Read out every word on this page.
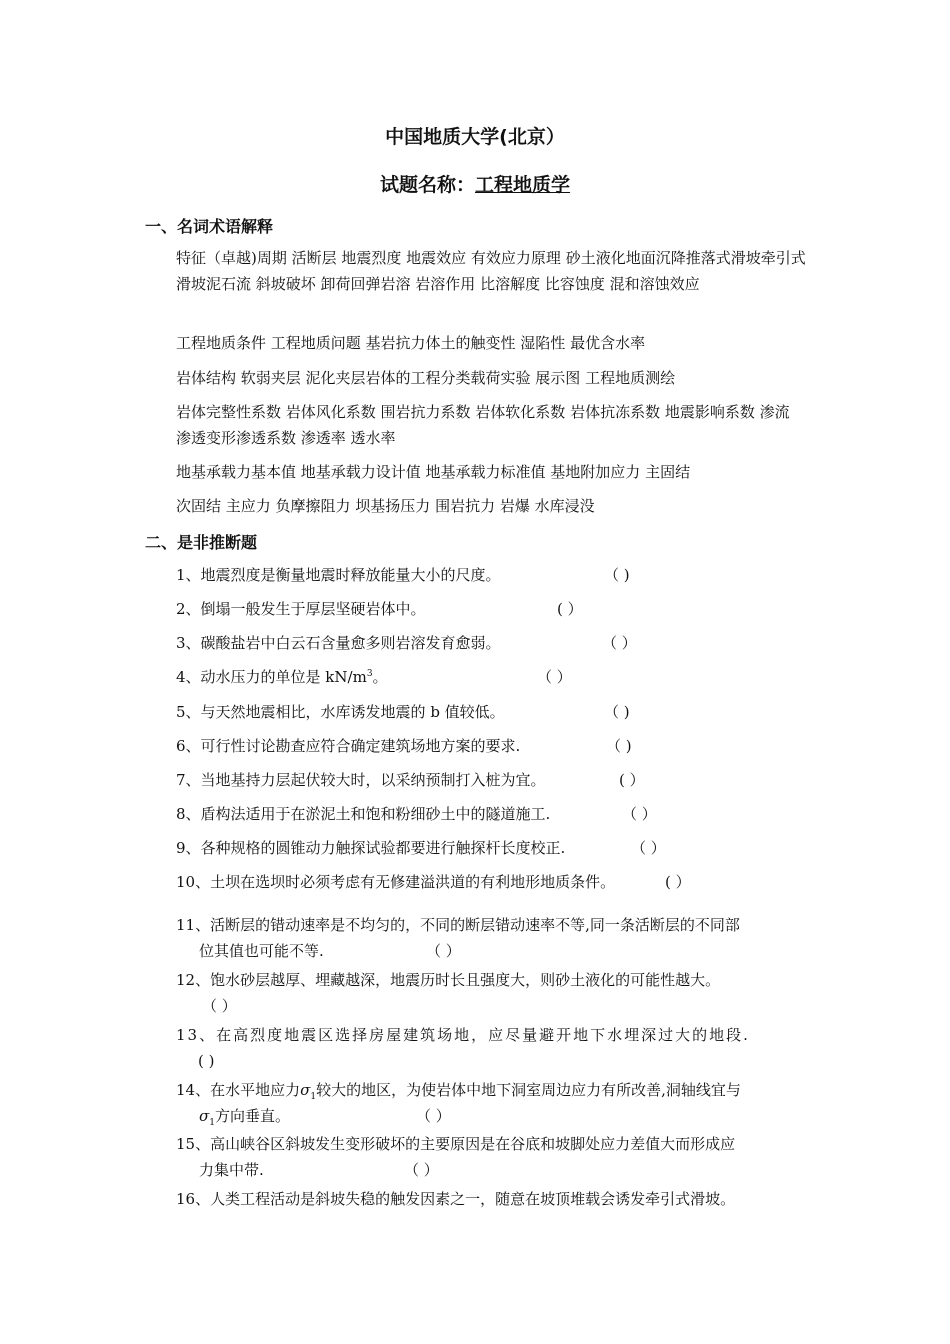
中国地质大学(北京）
试题名称：工程地质学
一、名词术语解释
特征（卓越)周期 活断层 地震烈度 地震效应 有效应力原理 砂土液化地面沉降推落式滑坡牵引式滑坡泥石流 斜坡破坏 卸荷回弹岩溶 岩溶作用 比溶解度 比容蚀度 混和溶蚀效应
工程地质条件 工程地质问题 基岩抗力体土的触变性 湿陷性 最优含水率
岩体结构 软弱夹层 泥化夹层岩体的工程分类载荷实验 展示图 工程地质测绘
岩体完整性系数 岩体风化系数 围岩抗力系数 岩体软化系数 岩体抗冻系数 地震影响系数 渗流 渗透变形渗透系数 渗透率 透水率
地基承载力基本值 地基承载力设计值 地基承载力标准值 基地附加应力 主固结
次固结 主应力 负摩擦阻力 坝基扬压力 围岩抗力 岩爆 水库浸没
二、是非推断题
1、地震烈度是衡量地震时释放能量大小的尺度。	（ )
2、倒塌一般发生于厚层坚硬岩体中。	( ）
3、碳酸盐岩中白云石含量愈多则岩溶发育愈弱。	（ ）
4、动水压力的单位是 $kN/m^3$。	（ ）
5、与天然地震相比，水库诱发地震的 b 值较低。	（ )
6、可行性讨论勘查应符合确定建筑场地方案的要求.	（ )
7、当地基持力层起伏较大时，以采纳预制打入桩为宜。	( ）
8、盾构法适用于在淤泥土和饱和粉细砂土中的隧道施工.	（ ）
9、各种规格的圆锥动力触探试验都要进行触探杆长度校正.	（ ）
10、土坝在选坝时必须考虑有无修建溢洪道的有利地形地质条件。	( ）
11、活断层的错动速率是不均匀的，不同的断层错动速率不等,同一条活断层的不同部
位其值也可能不等.	（ ）
12、饱水砂层越厚、埋藏越深，地震历时长且强度大，则砂土液化的可能性越大。
（ ）
13、在高烈度地震区选择房屋建筑场地，应尽量避开地下水埋深过大的地段.
( )
14、在水平地应力$\sigma_1$较大的地区，为使岩体中地下洞室周边应力有所改善,洞轴线宜与
$\sigma_1$方向垂直。	（ ）
15、高山峡谷区斜坡发生变形破坏的主要原因是在谷底和坡脚处应力差值大而形成应
力集中带.	（ ）
16、人类工程活动是斜坡失稳的触发因素之一，随意在坡顶堆载会诱发牵引式滑坡。
